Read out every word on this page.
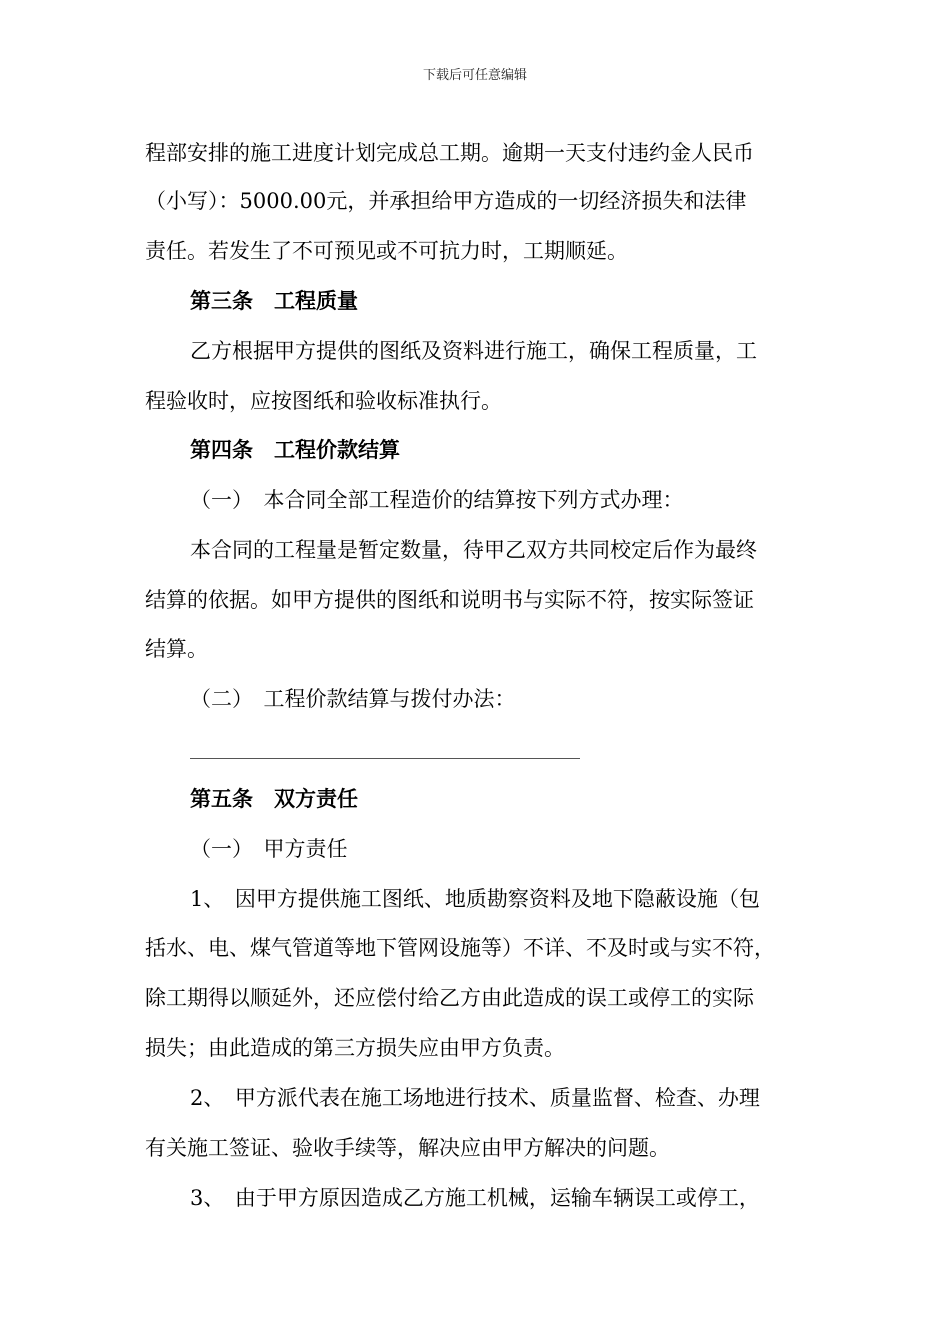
下载后可任意编辑
程部安排的施工进度计划完成总工期。逾期一天支付违约金人民币
（小写）：5000.00元，并承担给甲方造成的一切经济损失和法律
责任。若发生了不可预见或不可抗力时，工期顺延。
第三条　工程质量
乙方根据甲方提供的图纸及资料进行施工，确保工程质量，工
程验收时，应按图纸和验收标准执行。
第四条　工程价款结算
（一）　本合同全部工程造价的结算按下列方式办理：
本合同的工程量是暂定数量，待甲乙双方共同校定后作为最终
结算的依据。如甲方提供的图纸和说明书与实际不符，按实际签证
结算。
（二）　工程价款结算与拨付办法：
第五条　双方责任
（一）　甲方责任
1、　因甲方提供施工图纸、地质勘察资料及地下隐蔽设施（包
括水、电、煤气管道等地下管网设施等）不详、不及时或与实不符，
除工期得以顺延外，还应偿付给乙方由此造成的误工或停工的实际
损失；由此造成的第三方损失应由甲方负责。
2、　甲方派代表在施工场地进行技术、质量监督、检查、办理
有关施工签证、验收手续等，解决应由甲方解决的问题。
3、　由于甲方原因造成乙方施工机械，运输车辆误工或停工，
